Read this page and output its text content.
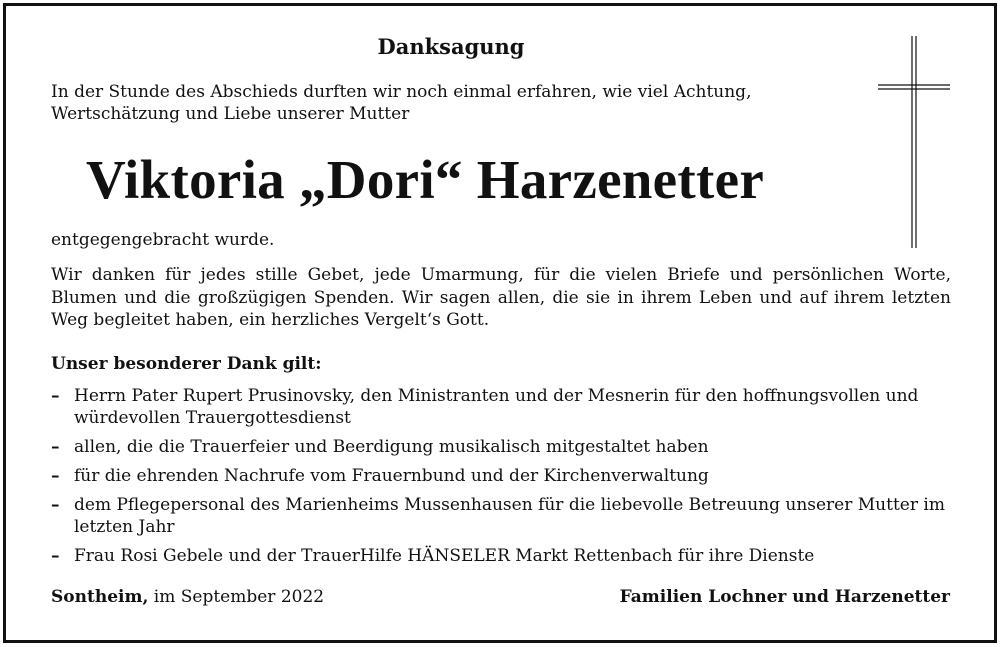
Danksagung
In der Stunde des Abschieds durften wir noch einmal erfahren, wie viel Achtung, Wertschätzung und Liebe unserer Mutter
Viktoria „Dori“ Harzenetter
entgegengebracht wurde.
Wir danken für jedes stille Gebet, jede Umarmung, für die vielen Briefe und persönlichen Worte, Blumen und die großzügigen Spenden. Wir sagen allen, die sie in ihrem Leben und auf ihrem letzten Weg begleitet haben, ein herzliches Vergelt‘s Gott.
Unser besonderer Dank gilt:
– Herrn Pater Rupert Prusinovsky, den Ministranten und der Mesnerin für den hoffnungsvollen und würdevollen Trauergottesdienst
– allen, die die Trauerfeier und Beerdigung musikalisch mitgestaltet haben
– für die ehrenden Nachrufe vom Frauernbund und der Kirchenverwaltung
– dem Pflegepersonal des Marienheims Mussenhausen für die liebevolle Betreuung unserer Mutter im letzten Jahr
– Frau Rosi Gebele und der TrauerHilfe HÄNSELER Markt Rettenbach für ihre Dienste
Sontheim, im September 2022	Familien Lochner und Harzenetter
